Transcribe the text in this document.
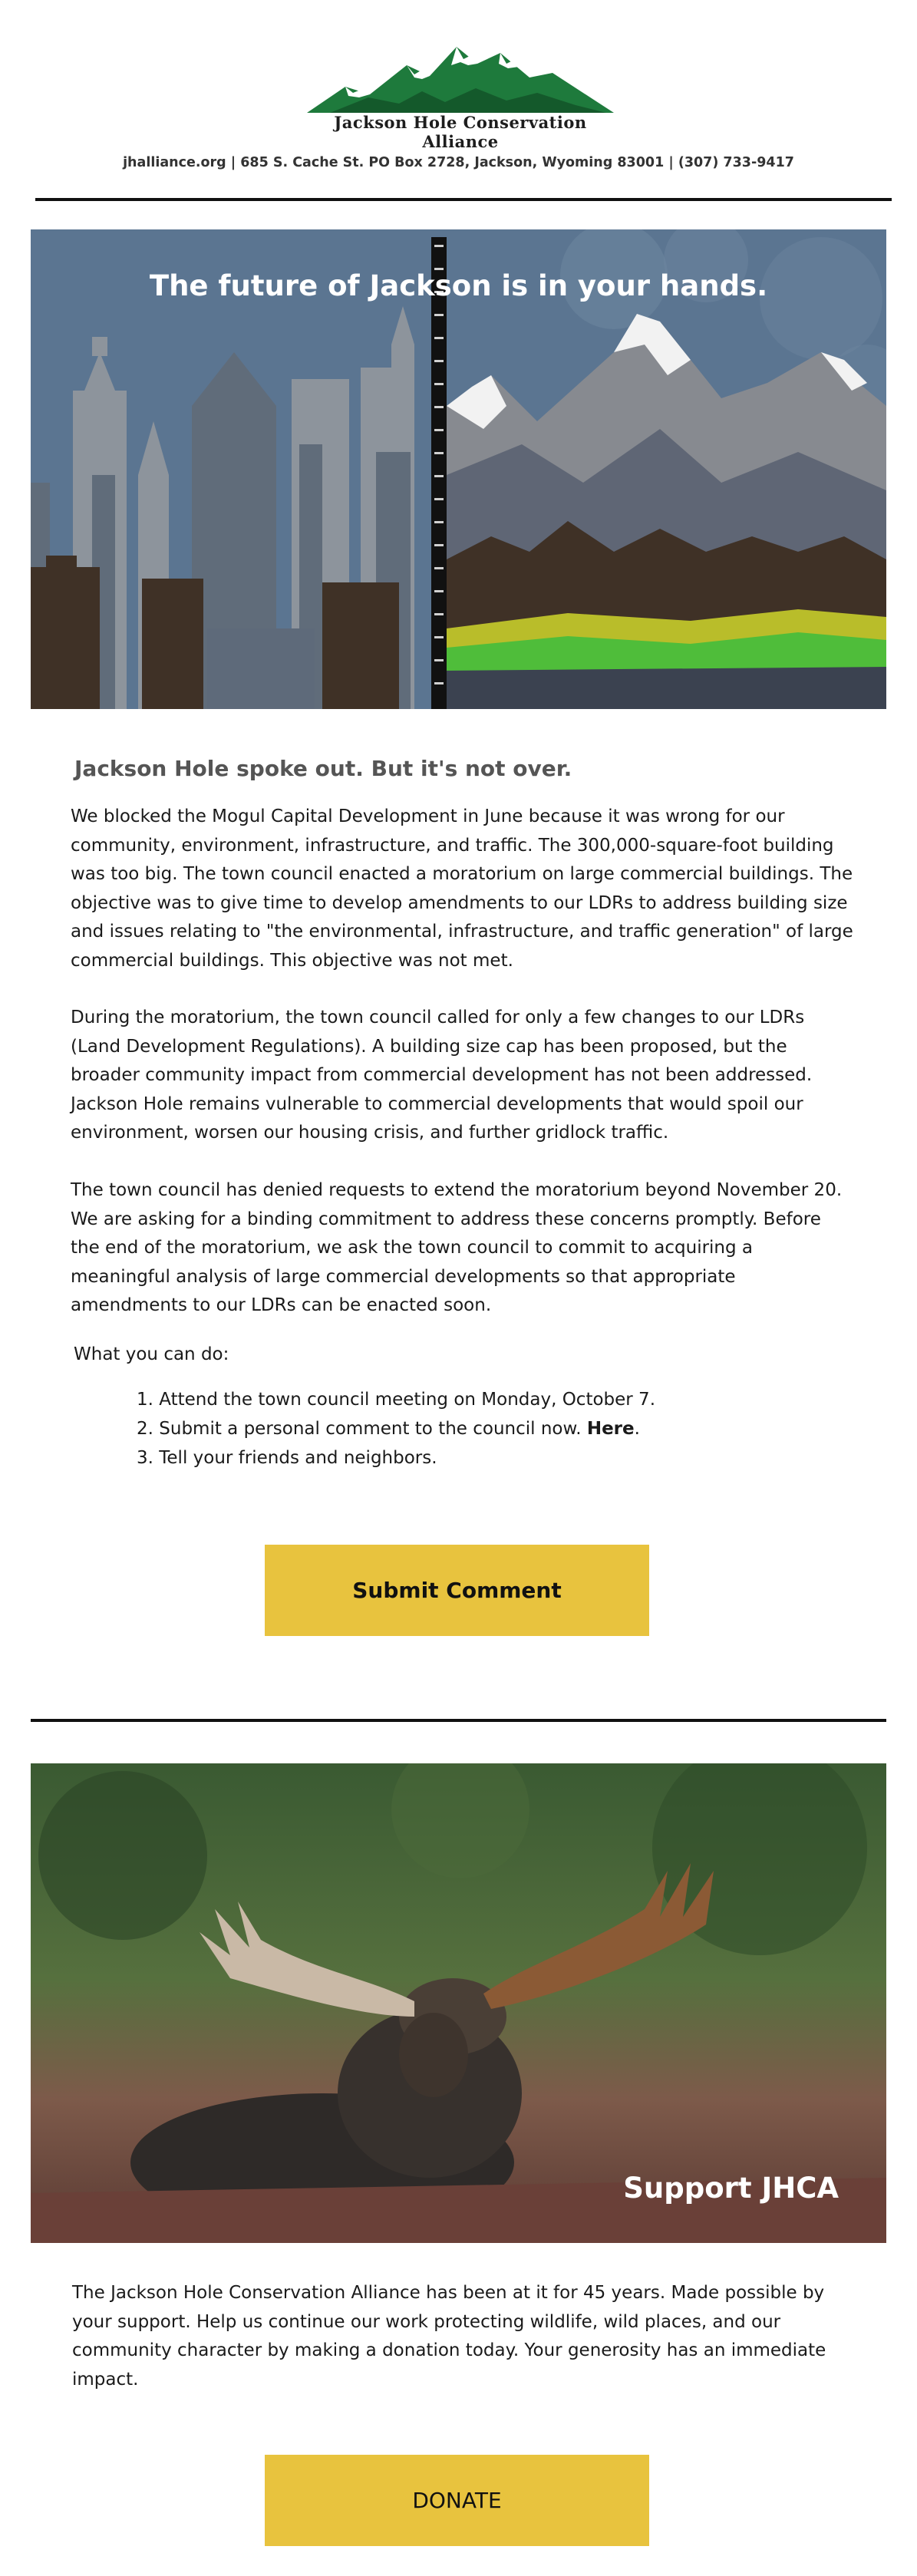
Jackson Hole Conservation Alliance
jhalliance.org | 685 S. Cache St. PO Box 2728, Jackson, Wyoming 83001 | (307) 733-9417
The future of Jackson is in your hands.
Jackson Hole spoke out. But it's not over.

We blocked the Mogul Capital Development in June because it was wrong for our community, environment, infrastructure, and traffic. The 300,000-square-foot building was too big. The town council enacted a moratorium on large commercial buildings. The objective was to give time to develop amendments to our LDRs to address building size and issues relating to "the environmental, infrastructure, and traffic generation" of large commercial buildings. This objective was not met.

During the moratorium, the town council called for only a few changes to our LDRs (Land Development Regulations). A building size cap has been proposed, but the broader community impact from commercial development has not been addressed. Jackson Hole remains vulnerable to commercial developments that would spoil our environment, worsen our housing crisis, and further gridlock traffic.

The town council has denied requests to extend the moratorium beyond November 20. We are asking for a binding commitment to address these concerns promptly. Before the end of the moratorium, we ask the town council to commit to acquiring a meaningful analysis of large commercial developments so that appropriate amendments to our LDRs can be enacted soon.

What you can do:
1. Attend the town council meeting on Monday, October 7.
2. Submit a personal comment to the council now. Here.
3. Tell your friends and neighbors.
Submit Comment
Support JHCA

The Jackson Hole Conservation Alliance has been at it for 45 years. Made possible by your support. Help us continue our work protecting wildlife, wild places, and our community character by making a donation today. Your generosity has an immediate impact.

DONATE
